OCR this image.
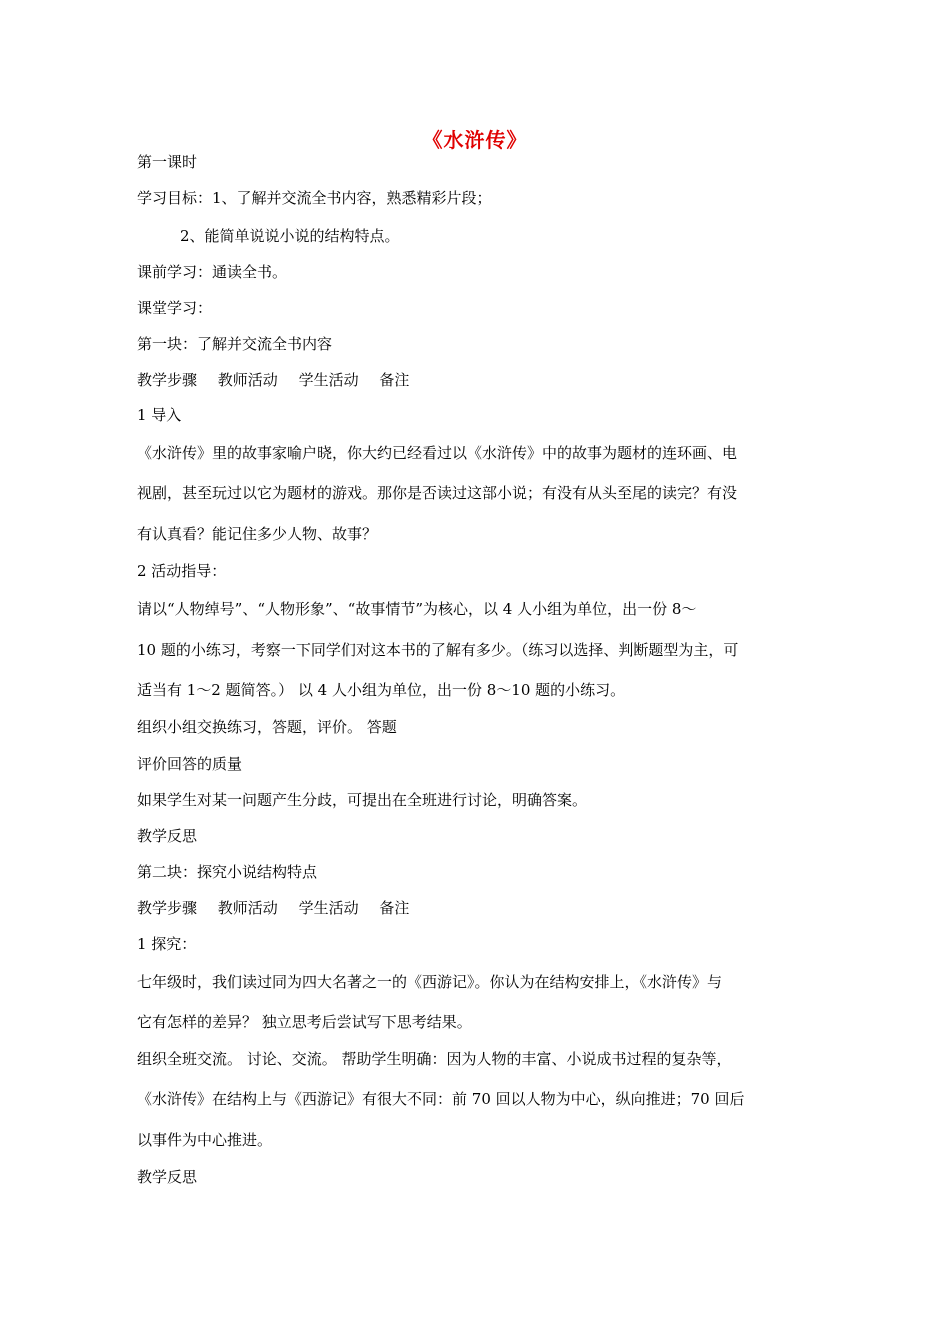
《水浒传》
第一课时
学习目标：1、了解并交流全书内容，熟悉精彩片段；
2、能简单说说小说的结构特点。
课前学习：通读全书。
课堂学习：
第一块：了解并交流全书内容
教学步骤 教师活动 学生活动 备注
1 导入
《水浒传》里的故事家喻户晓，你大约已经看过以《水浒传》中的故事为题材的连环画、电
视剧，甚至玩过以它为题材的游戏。那你是否读过这部小说；有没有从头至尾的读完？有没
有认真看？能记住多少人物、故事？
2 活动指导：
请以“人物绰号”、“人物形象”、“故事情节”为核心，以 4 人小组为单位，出一份 8～
10 题的小练习，考察一下同学们对这本书的了解有多少。（练习以选择、判断题型为主，可
适当有 1～2 题简答。） 以 4 人小组为单位，出一份 8～10 题的小练习。
组织小组交换练习，答题，评价。 答题
评价回答的质量
如果学生对某一问题产生分歧，可提出在全班进行讨论，明确答案。
教学反思
第二块：探究小说结构特点
教学步骤 教师活动 学生活动 备注
1 探究：
七年级时，我们读过同为四大名著之一的《西游记》。你认为在结构安排上，《水浒传》与
它有怎样的差异？ 独立思考后尝试写下思考结果。
组织全班交流。 讨论、交流。 帮助学生明确：因为人物的丰富、小说成书过程的复杂等，
《水浒传》在结构上与《西游记》有很大不同：前 70 回以人物为中心，纵向推进；70 回后
以事件为中心推进。
教学反思
